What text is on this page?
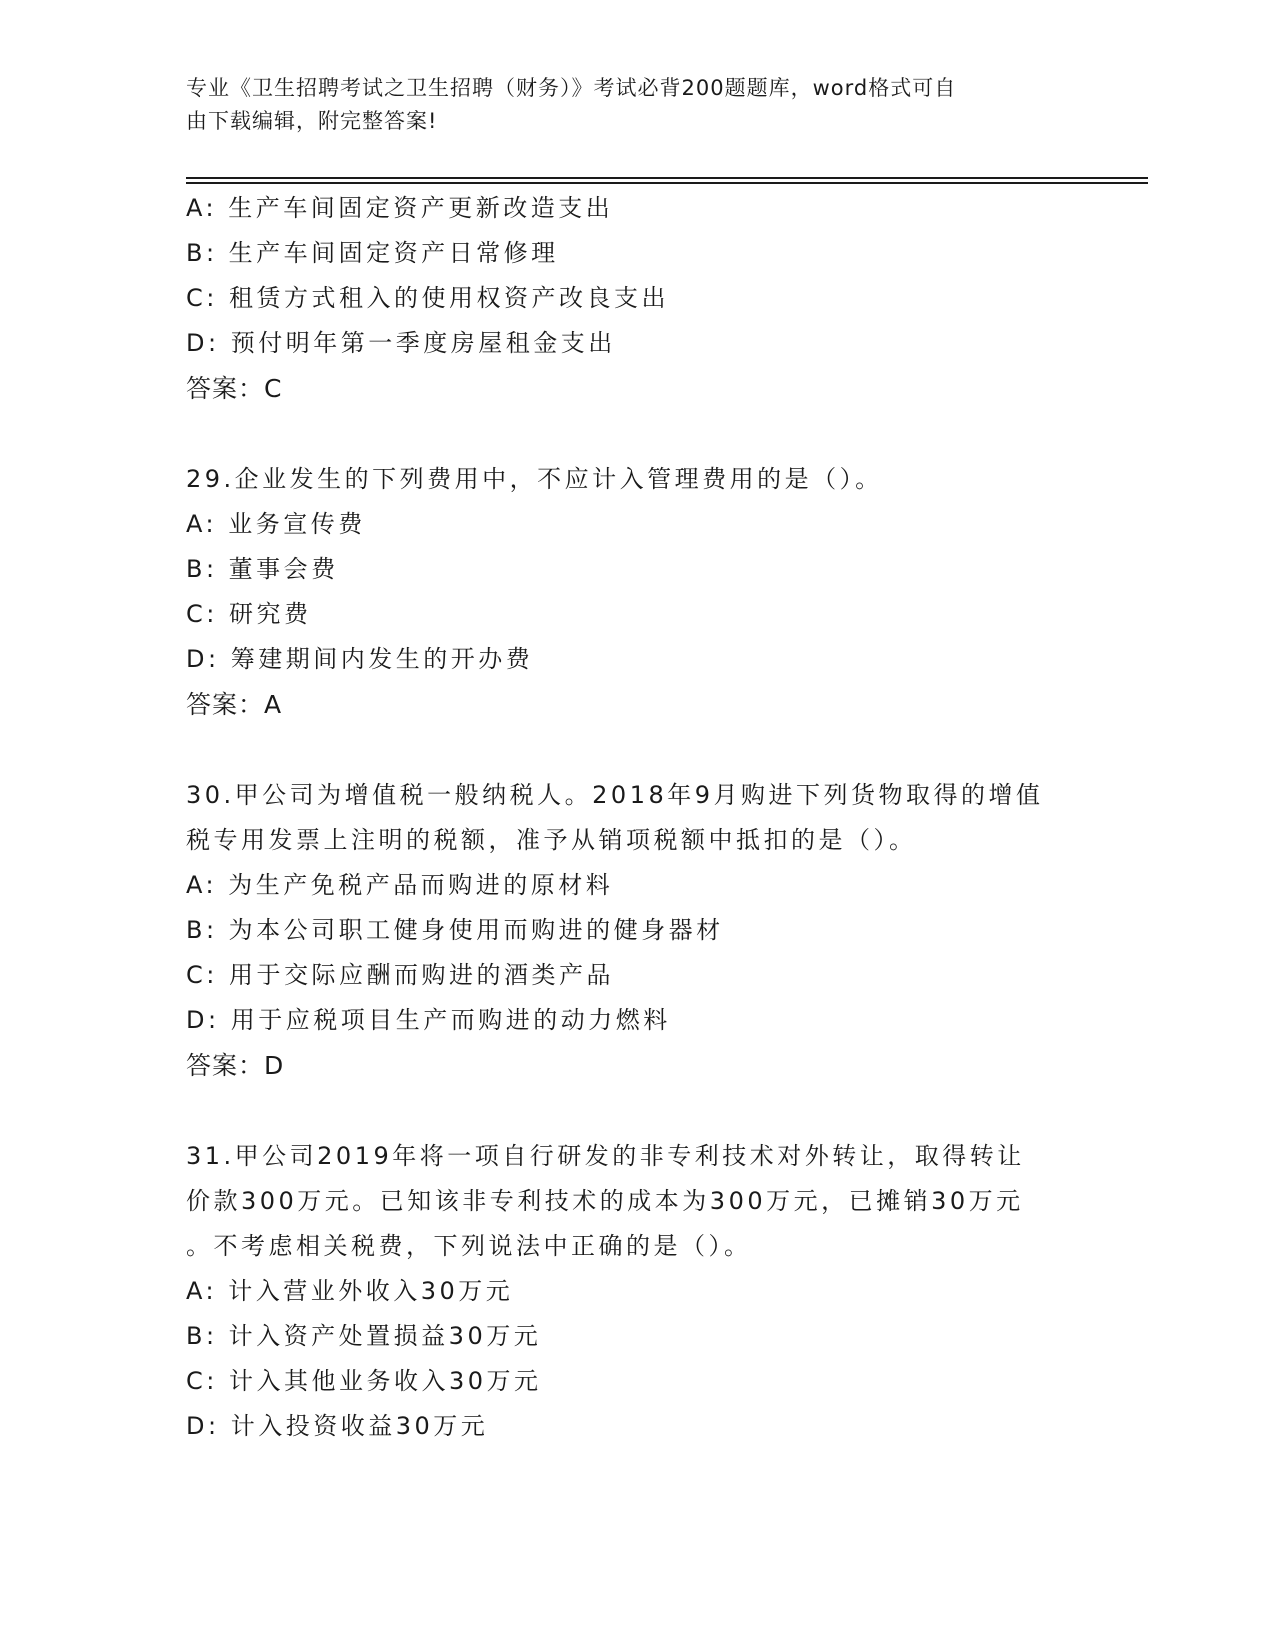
专业《卫生招聘考试之卫生招聘（财务）》考试必背200题题库，word格式可自
由下载编辑，附完整答案!
A: 生产车间固定资产更新改造支出
B: 生产车间固定资产日常修理
C: 租赁方式租入的使用权资产改良支出
D: 预付明年第一季度房屋租金支出
答案：C
29.企业发生的下列费用中，不应计入管理费用的是（）。
A: 业务宣传费
B: 董事会费
C: 研究费
D: 筹建期间内发生的开办费
答案：A
30.甲公司为增值税一般纳税人。2018年9月购进下列货物取得的增值
税专用发票上注明的税额，准予从销项税额中抵扣的是（）。
A: 为生产免税产品而购进的原材料
B: 为本公司职工健身使用而购进的健身器材
C: 用于交际应酬而购进的酒类产品
D: 用于应税项目生产而购进的动力燃料
答案：D
31.甲公司2019年将一项自行研发的非专利技术对外转让，取得转让
价款300万元。已知该非专利技术的成本为300万元，已摊销30万元
。不考虑相关税费，下列说法中正确的是（）。
A: 计入营业外收入30万元
B: 计入资产处置损益30万元
C: 计入其他业务收入30万元
D: 计入投资收益30万元
